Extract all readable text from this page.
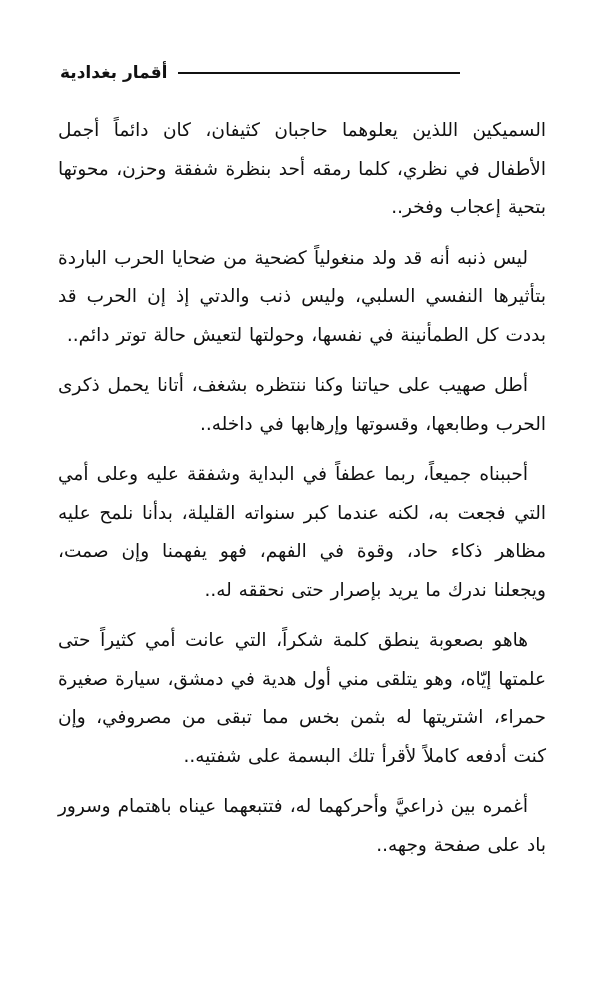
أقمار بغدادية

السميكين اللذين يعلوهما حاجبان كثيفان، كان دائماً أجمل الأطفال في نظري، كلما رمقه أحد بنظرة شفقة وحزن، محوتها بتحية إعجاب وفخر..

ليس ذنبه أنه قد ولد منغولياً كضحية من ضحايا الحرب الباردة بتأثيرها النفسي السلبي، وليس ذنب والدتي إذ إن الحرب قد بددت كل الطمأنينة في نفسها، وحولتها لتعيش حالة توتر دائم..

أطل صهيب على حياتنا وكنا ننتظره بشغف، أتانا يحمل ذكرى الحرب وطابعها، وقسوتها وإرهابها في داخله..

أحببناه جميعاً، ربما عطفاً في البداية وشفقة عليه وعلى أمي التي فجعت به، لكنه عندما كبر سنواته القليلة، بدأنا نلمح عليه مظاهر ذكاء حاد، وقوة في الفهم، فهو يفهمنا وإن صمت، ويجعلنا ندرك ما يريد بإصرار حتى نحققه له..

هاهو بصعوبة ينطق كلمة شكراً، التي عانت أمي كثيراً حتى علمتها إيّاه، وهو يتلقى مني أول هدية في دمشق، سيارة صغيرة حمراء، اشتريتها له بثمن بخس مما تبقى من مصروفي، وإن كنت أدفعه كاملاً لأقرأ تلك البسمة على شفتيه..

أغمره بين ذراعيَّ وأحركهما له، فتتبعهما عيناه باهتمام وسرور باد على صفحة وجهه..
